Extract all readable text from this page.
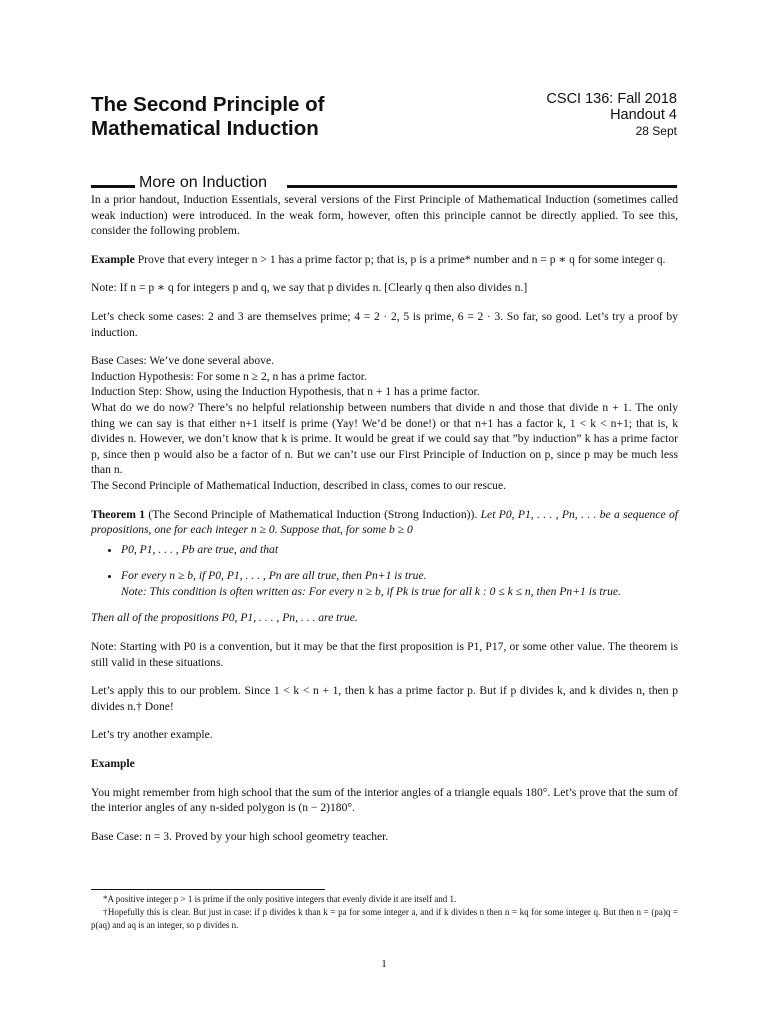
The Second Principle of
Mathematical Induction
CSCI 136: Fall 2018
Handout 4
28 Sept
More on Induction

In a prior handout, Induction Essentials, several versions of the First Principle of Mathematical Induction (sometimes called weak induction) were introduced. In the weak form, however, often this principle cannot be directly applied. To see this, consider the following problem.

Example Prove that every integer n > 1 has a prime factor p; that is, p is a prime* number and n = p ∗ q for some integer q.

Note: If n = p ∗ q for integers p and q, we say that p divides n. [Clearly q then also divides n.]

Let’s check some cases: 2 and 3 are themselves prime; 4 = 2 · 2, 5 is prime, 6 = 2 · 3. So far, so good. Let’s try a proof by induction.

Base Cases: We’ve done several above.

Induction Hypothesis: For some n ≥ 2, n has a prime factor.

Induction Step: Show, using the Induction Hypothesis, that n + 1 has a prime factor.

What do we do now? There’s no helpful relationship between numbers that divide n and those that divide n + 1. The only thing we can say is that either n+1 itself is prime (Yay! We’d be done!) or that n+1 has a factor k, 1 < k < n+1; that is, k divides n. However, we don’t know that k is prime. It would be great if we could say that ”by induction” k has a prime factor p, since then p would also be a factor of n. But we can’t use our First Principle of Induction on p, since p may be much less than n.

The Second Principle of Mathematical Induction, described in class, comes to our rescue.

Theorem 1 (The Second Principle of Mathematical Induction (Strong Induction)). Let P0, P1, . . . , Pn, . . . be a sequence of propositions, one for each integer n ≥ 0. Suppose that, for some b ≥ 0

• P0, P1, . . . , Pb are true, and that
• For every n ≥ b, if P0, P1, . . . , Pn are all true, then Pn+1 is true.
Note: This condition is often written as: For every n ≥ b, if Pk is true for all k : 0 ≤ k ≤ n, then Pn+1 is true.

Then all of the propositions P0, P1, . . . , Pn, . . . are true.

Note: Starting with P0 is a convention, but it may be that the first proposition is P1, P17, or some other value. The theorem is still valid in these situations.

Let’s apply this to our problem. Since 1 < k < n + 1, then k has a prime factor p. But if p divides k, and k divides n, then p divides n.† Done!

Let’s try another example.

Example

You might remember from high school that the sum of the interior angles of a triangle equals 180°. Let’s prove that the sum of the interior angles of any n-sided polygon is (n − 2)180°.

Base Case: n = 3. Proved by your high school geometry teacher.

*A positive integer p > 1 is prime if the only positive integers that evenly divide it are itself and 1.

†Hopefully this is clear. But just in case: if p divides k than k = pa for some integer a, and if k divides n then n = kq for some integer q. But then n = (pa)q = p(aq) and aq is an integer, so p divides n.

1
